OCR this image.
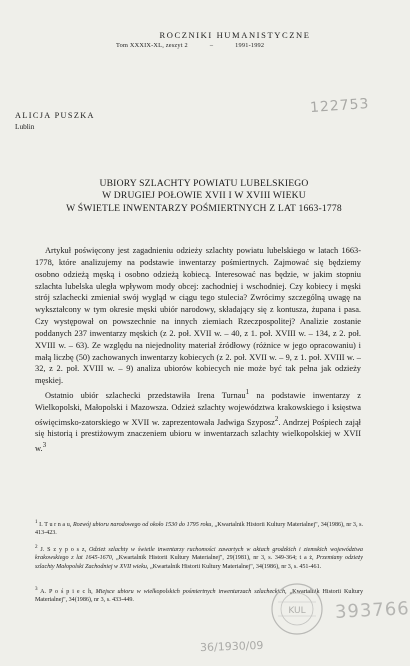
ROCZNIKI HUMANISTYCZNE
Tom XXXIX-XL, zeszyt 2	–	1991-1992
ALICJA PUSZKA
Lublin
122753
UBIORY SZLACHTY POWIATU LUBELSKIEGO
W DRUGIEJ POŁOWIE XVII I W XVIII WIEKU
W ŚWIETLE INWENTARZY POŚMIERTNYCH Z LAT 1663-1778

Artykuł poświęcony jest zagadnieniu odzieży szlachty powiatu lubelskiego w latach 1663-1778, które analizujemy na podstawie inwentarzy pośmiertnych. Zajmować się będziemy osobno odzieżą męską i osobno odzieżą kobiecą. Interesować nas będzie, w jakim stopniu szlachta lubelska uległa wpływom mody obcej: zachodniej i wschodniej. Czy kobiecy i męski strój szlachecki zmieniał swój wygląd w ciągu tego stulecia? Zwrócimy szczególną uwagę na wykształcony w tym okresie męski ubiór narodowy, składający się z kontusza, żupana i pasa. Czy występował on powszechnie na innych ziemiach Rzeczpospolitej? Analizie zostanie poddanych 237 inwentarzy męskich (z 2. poł. XVII w. – 40, z 1. poł. XVIII w. – 134, z 2. poł. XVIII w. – 63). Ze względu na niejednolity materiał źródłowy (różnice w jego opracowaniu) i małą liczbę (50) zachowanych inwentarzy kobiecych (z 2. poł. XVII w. – 9, z 1. poł. XVIII w. – 32, z 2. poł. XVIII w. – 9) analiza ubiorów kobiecych nie może być tak pełna jak odzieży męskiej.

Ostatnio ubiór szlachecki przedstawiła Irena Turnau$^1$ na podstawie inwentarzy z Wielkopolski, Małopolski i Mazowsza. Odzież szlachty województwa krakowskiego i księstwa oświęcimsko-zatorskiego w XVII w. zaprezentowała Jadwiga Szyposz$^2$. Andrzej Pośpiech zajął się historią i prestiżowym znaczeniem ubioru w inwentarzach szlachty wielkopolskiej w XVII w.$^3$

$^1$ I. T u r n a u, Rozwój ubioru narodowego od około 1530 do 1795 roku, „Kwartalnik Historii Kultury Materialnej", 34(1986), nr 3, s. 413-423.
$^2$ J. S z y p o s z, Odzież szlachty w świetle inwentarzy ruchomości zawartych w aktach grodzkich i ziemskich województwa krakowskiego z lat 1645-1670, „Kwartalnik Historii Kultury Materialnej", 29(1981), nr 3, s. 349-364; t a ż, Przemiany odzieży szlachty Małopolski Zachodniej w XVII wieku, „Kwartalnik Historii Kultury Materialnej", 34(1986), nr 3, s. 451-461.
$^3$ A. P o ś p i e c h, Miejsce ubioru w wielkopolskich pośmiertnych inwentarzach szlacheckich, „Kwartalnik Historii Kultury Materialnej", 34(1986), nr 3, s. 433-449.
KUL 393766
36/1930/09
